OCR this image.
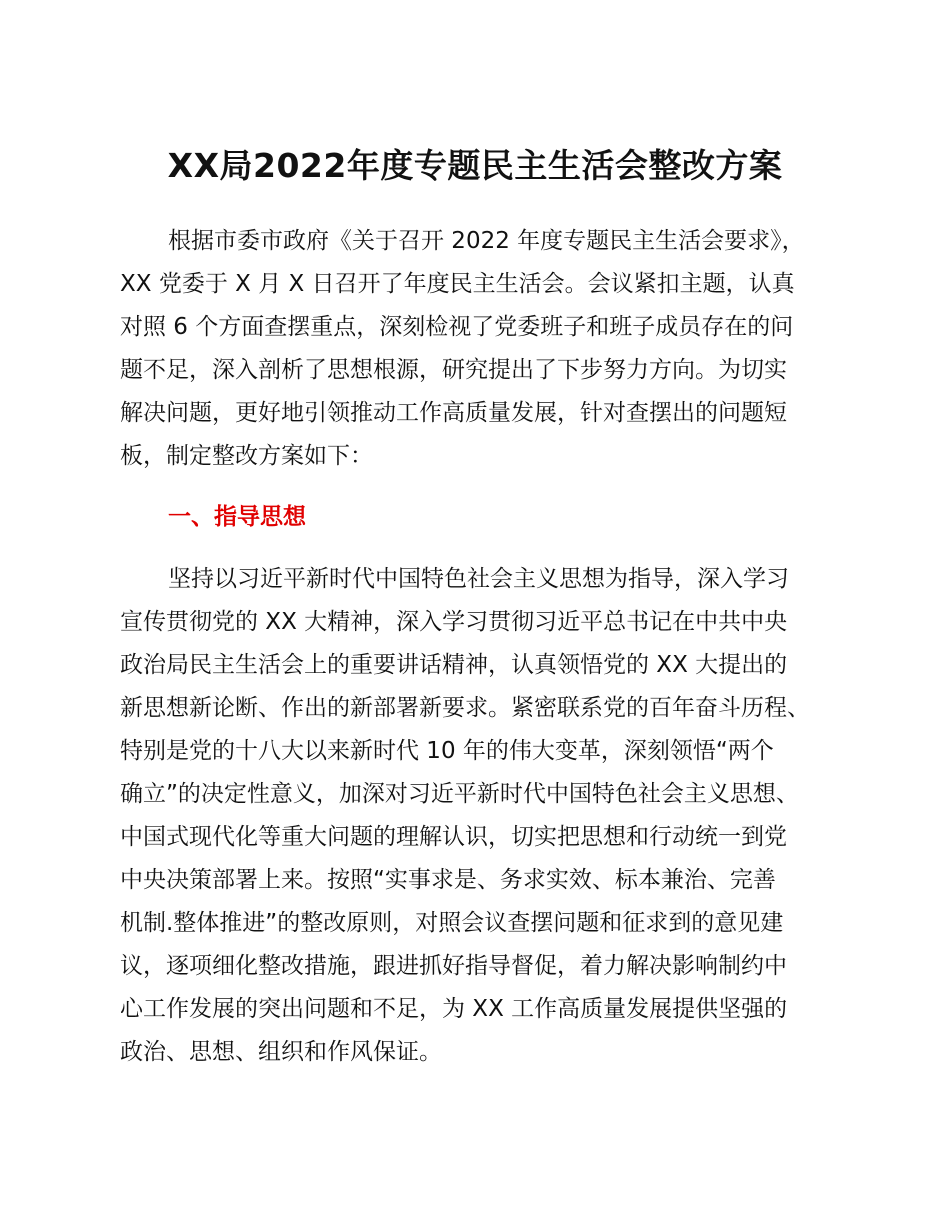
XX局2022年度专题民主生活会整改方案
根据市委市政府《关于召开 2022 年度专题民主生活会要求》，
XX 党委于 X 月 X 日召开了年度民主生活会。会议紧扣主题，认真
对照 6 个方面查摆重点，深刻检视了党委班子和班子成员存在的问
题不足，深入剖析了思想根源，研究提出了下步努力方向。为切实
解决问题，更好地引领推动工作高质量发展，针对查摆出的问题短
板，制定整改方案如下：
一、指导思想
坚持以习近平新时代中国特色社会主义思想为指导，深入学习
宣传贯彻党的 XX 大精神，深入学习贯彻习近平总书记在中共中央
政治局民主生活会上的重要讲话精神，认真领悟党的 XX 大提出的
新思想新论断、作出的新部署新要求。紧密联系党的百年奋斗历程、
特别是党的十八大以来新时代 10 年的伟大变革，深刻领悟“两个
确立”的决定性意义，加深对习近平新时代中国特色社会主义思想、
中国式现代化等重大问题的理解认识，切实把思想和行动统一到党
中央决策部署上来。按照“实事求是、务求实效、标本兼治、完善
机制.整体推进”的整改原则，对照会议查摆问题和征求到的意见建
议，逐项细化整改措施，跟进抓好指导督促，着力解决影响制约中
心工作发展的突出问题和不足，为 XX 工作高质量发展提供坚强的
政治、思想、组织和作风保证。
